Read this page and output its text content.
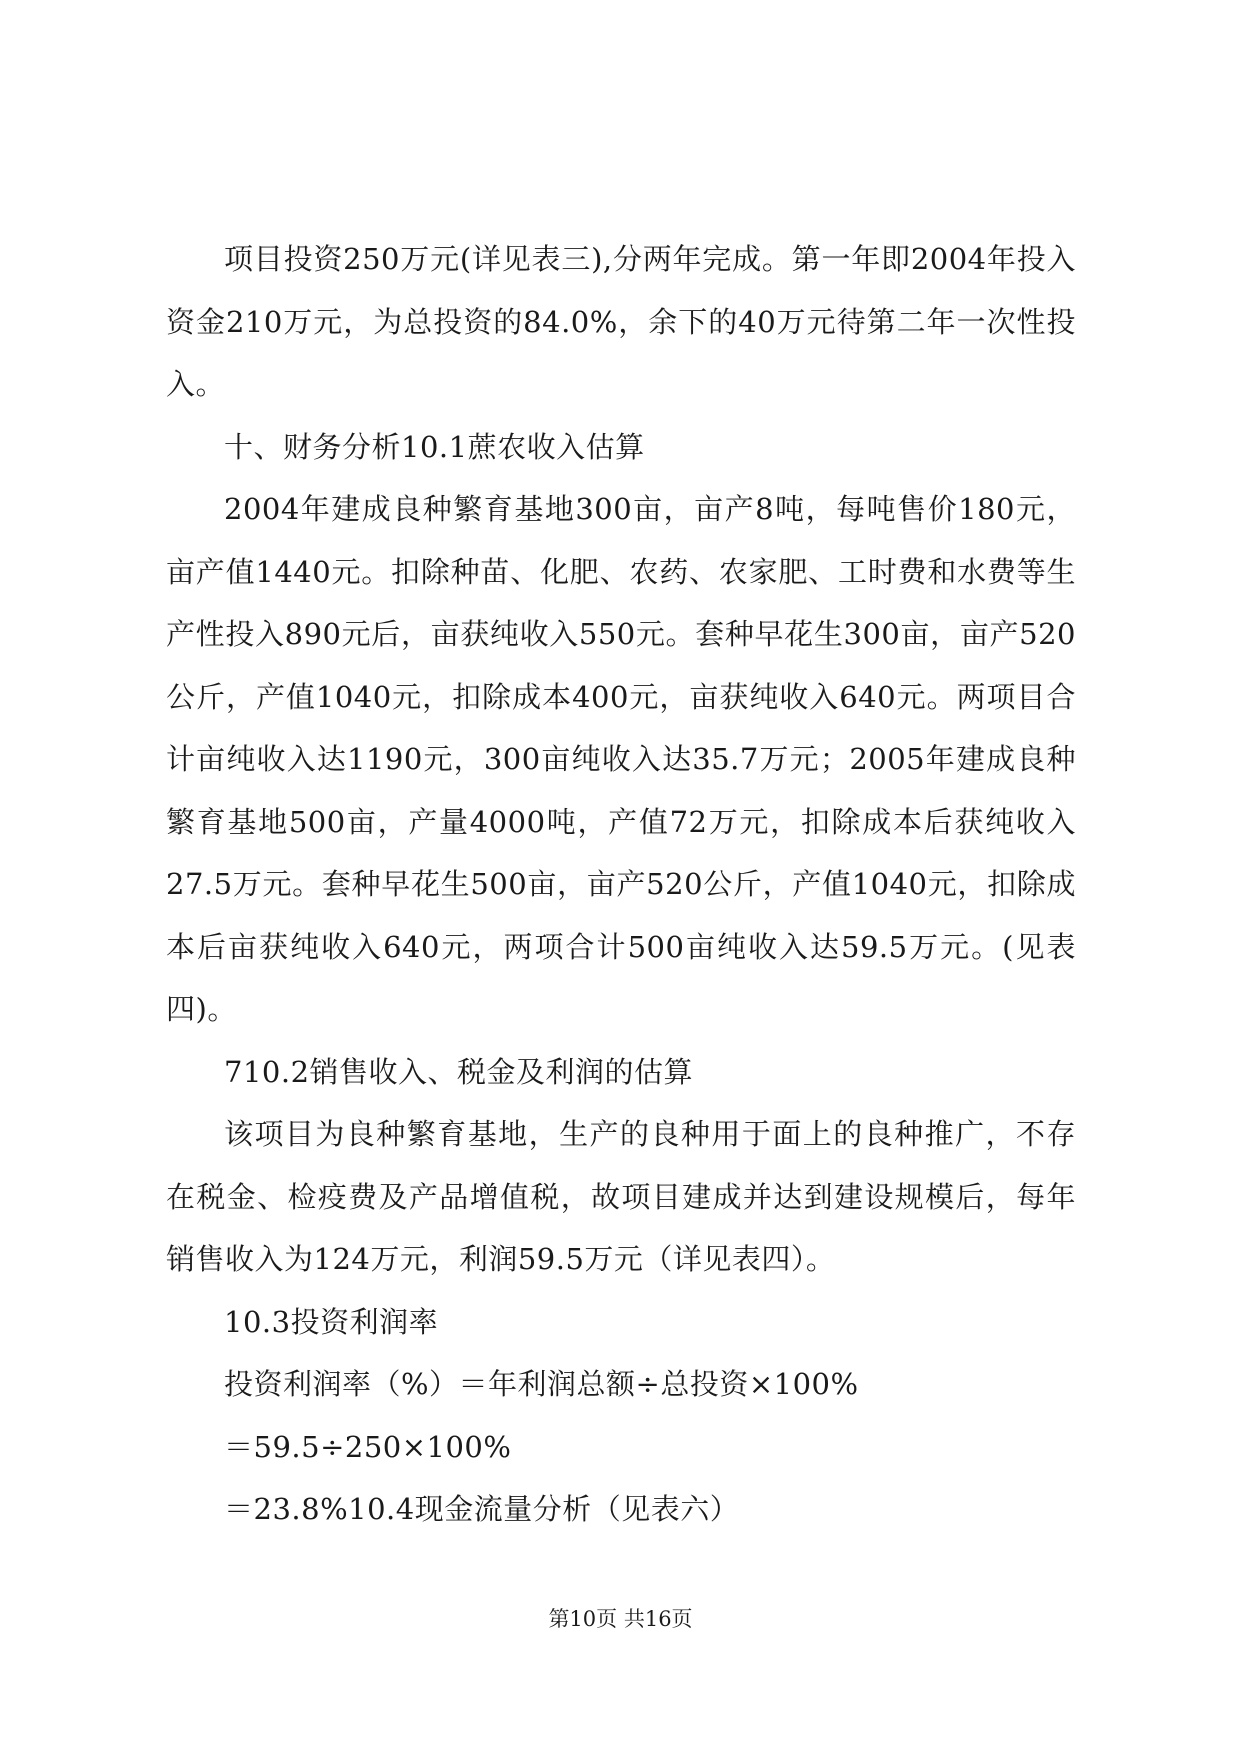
项目投资250万元(详见表三),分两年完成。第一年即2004年投入资金210万元，为总投资的84.0%，余下的40万元待第二年一次性投入。

十、财务分析10.1蔗农收入估算

2004年建成良种繁育基地300亩，亩产8吨，每吨售价180元，亩产值1440元。扣除种苗、化肥、农药、农家肥、工时费和水费等生产性投入890元后，亩获纯收入550元。套种早花生300亩，亩产520公斤，产值1040元，扣除成本400元，亩获纯收入640元。两项目合计亩纯收入达1190元，300亩纯收入达35.7万元；2005年建成良种繁育基地500亩，产量4000吨，产值72万元，扣除成本后获纯收入27.5万元。套种早花生500亩，亩产520公斤，产值1040元，扣除成本后亩获纯收入640元，两项合计500亩纯收入达59.5万元。(见表四)。

710.2销售收入、税金及利润的估算

该项目为良种繁育基地，生产的良种用于面上的良种推广，不存在税金、检疫费及产品增值税，故项目建成并达到建设规模后，每年销售收入为124万元，利润59.5万元（详见表四）。

10.3投资利润率

投资利润率（%）＝年利润总额÷总投资×100%

＝59.5÷250×100%

＝23.8%10.4现金流量分析（见表六）

第10页 共16页
